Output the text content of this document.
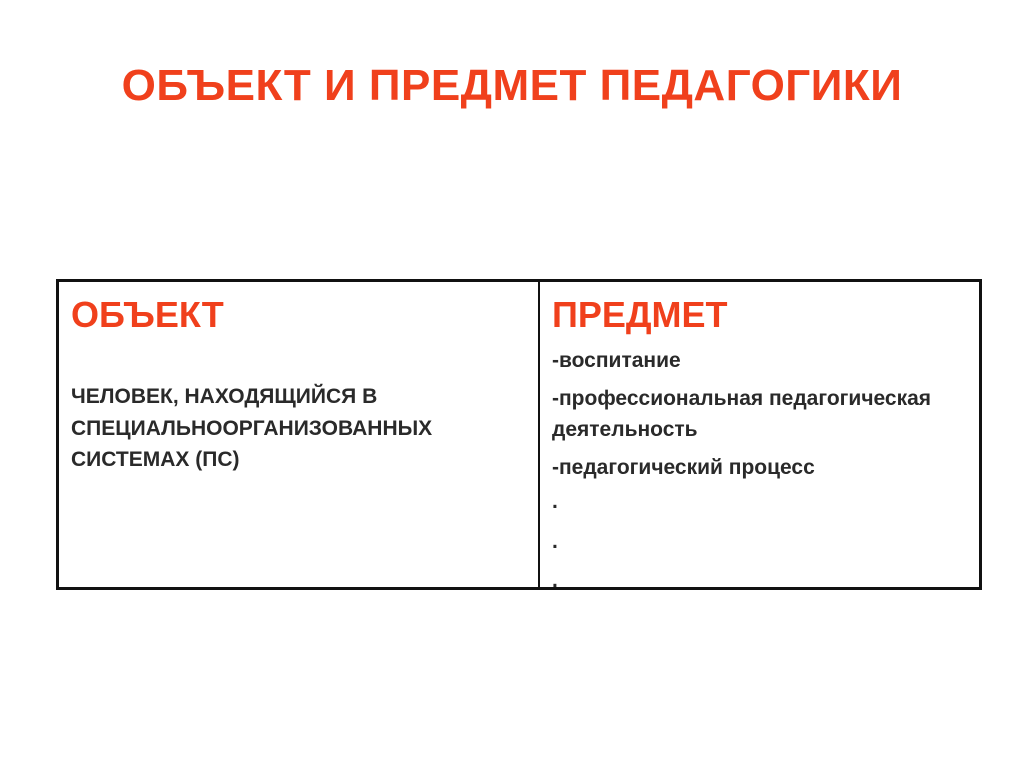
ОБЪЕКТ И ПРЕДМЕТ ПЕДАГОГИКИ
ОБЪЕКТ
ЧЕЛОВЕК, НАХОДЯЩИЙСЯ В
СПЕЦИАЛЬНООРГАНИЗОВАННЫХ
СИСТЕМАХ (ПС)
ПРЕДМЕТ
-воспитание
-профессиональная педагогическая деятельность
-педагогический процесс
.
.
.
